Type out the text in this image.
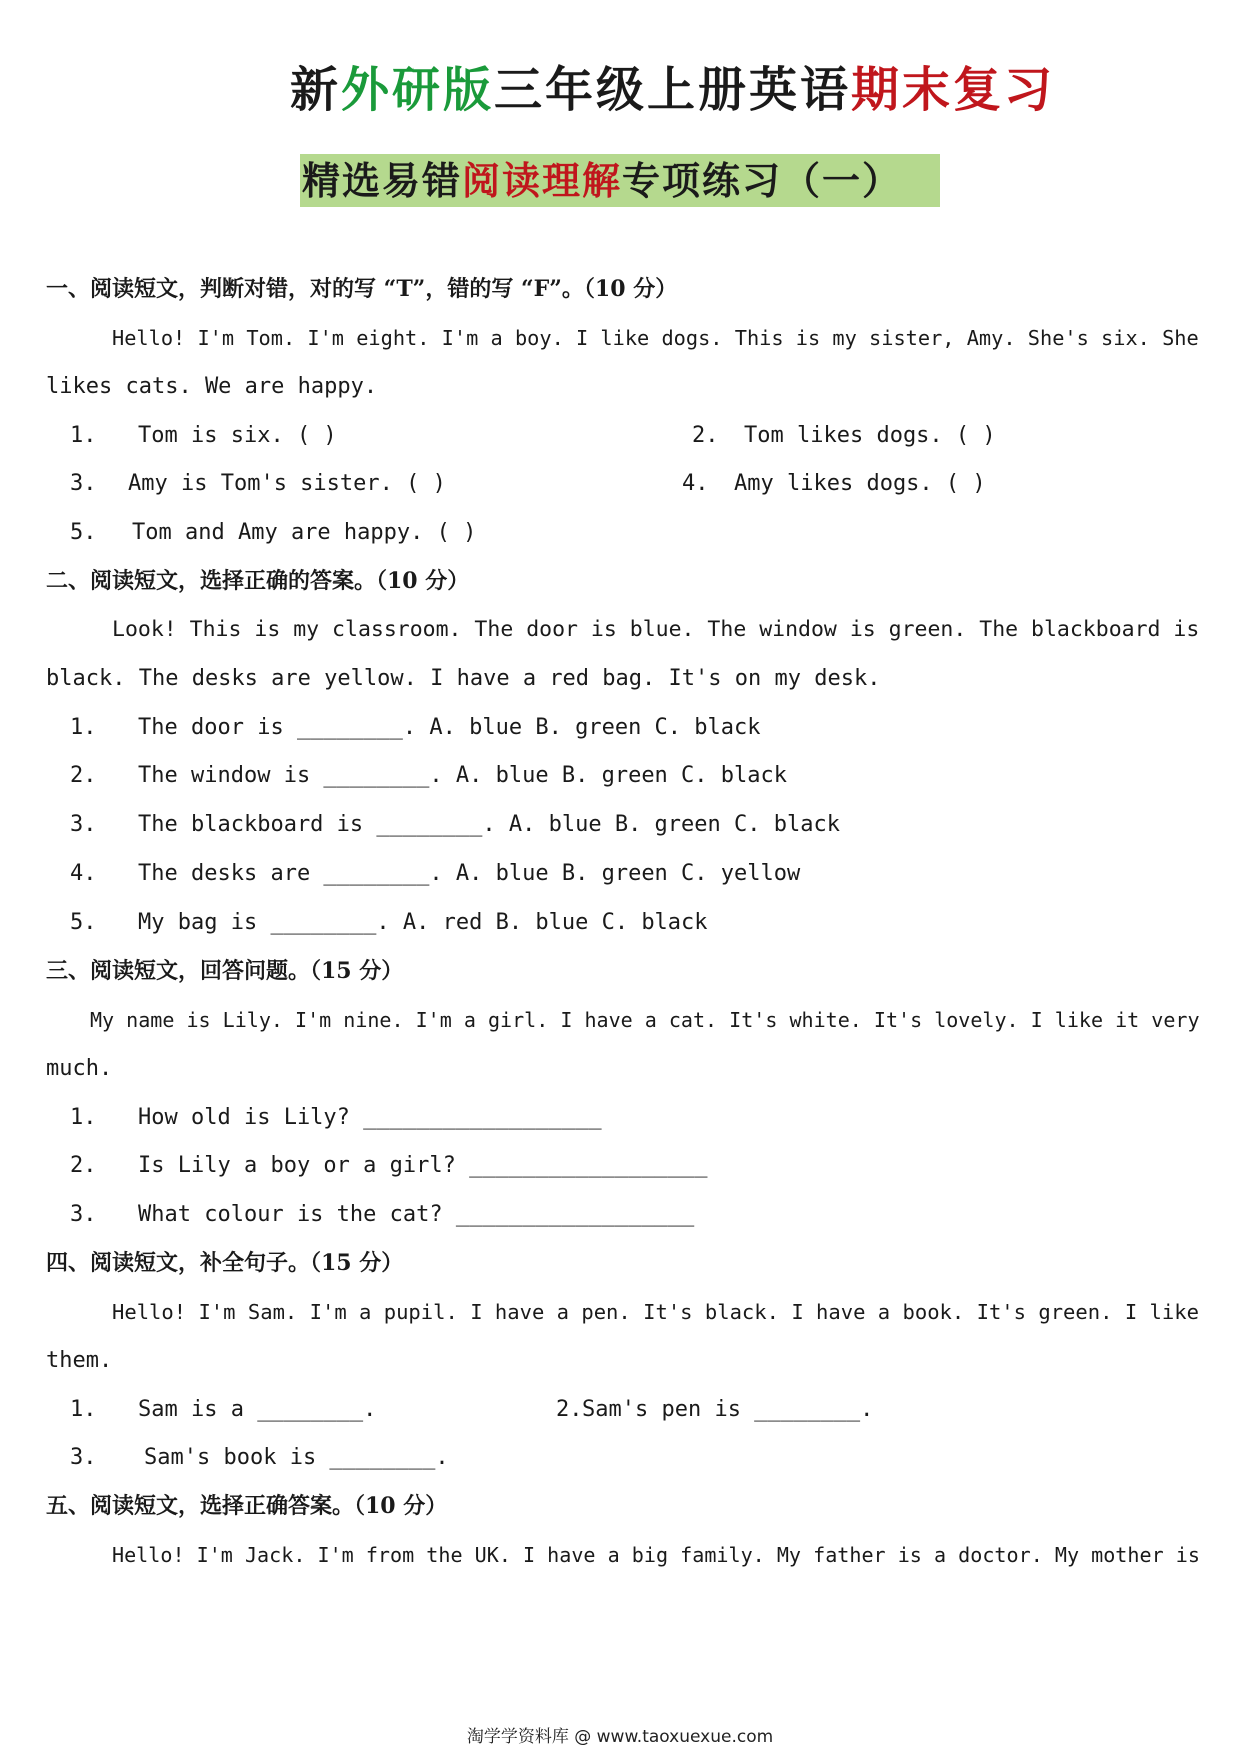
新外研版三年级上册英语期末复习
精选易错阅读理解专项练习（一）
一、阅读短文，判断对错，对的写 “T”，错的写 “F”。（10 分）
Hello! I'm Tom. I'm eight. I'm a boy. I like dogs. This is my sister, Amy. She's six. She
likes cats. We are happy.
1. Tom is six. ( )	2. Tom likes dogs. ( )
3. Amy is Tom's sister. ( )	4. Amy likes dogs. ( )
5. Tom and Amy are happy. ( )
二、阅读短文，选择正确的答案。（10 分）
Look! This is my classroom. The door is blue. The window is green. The blackboard is
black. The desks are yellow. I have a red bag. It's on my desk.
1. The door is ________. A. blue B. green C. black
2. The window is ________. A. blue B. green C. black
3. The blackboard is ________. A. blue B. green C. black
4. The desks are ________. A. blue B. green C. yellow
5. My bag is ________. A. red B. blue C. black
三、阅读短文，回答问题。（15 分）
My name is Lily. I'm nine. I'm a girl. I have a cat. It's white. It's lovely. I like it very
much.
1. How old is Lily? __________________
2. Is Lily a boy or a girl? __________________
3. What colour is the cat? __________________
四、阅读短文，补全句子。（15 分）
Hello! I'm Sam. I'm a pupil. I have a pen. It's black. I have a book. It's green. I like
them.
1. Sam is a ________.	2. Sam's pen is ________.
3. Sam's book is ________.
五、阅读短文，选择正确答案。（10 分）
Hello! I'm Jack. I'm from the UK. I have a big family. My father is a doctor. My mother is
淘学学资料库 @ www.taoxuexue.com
